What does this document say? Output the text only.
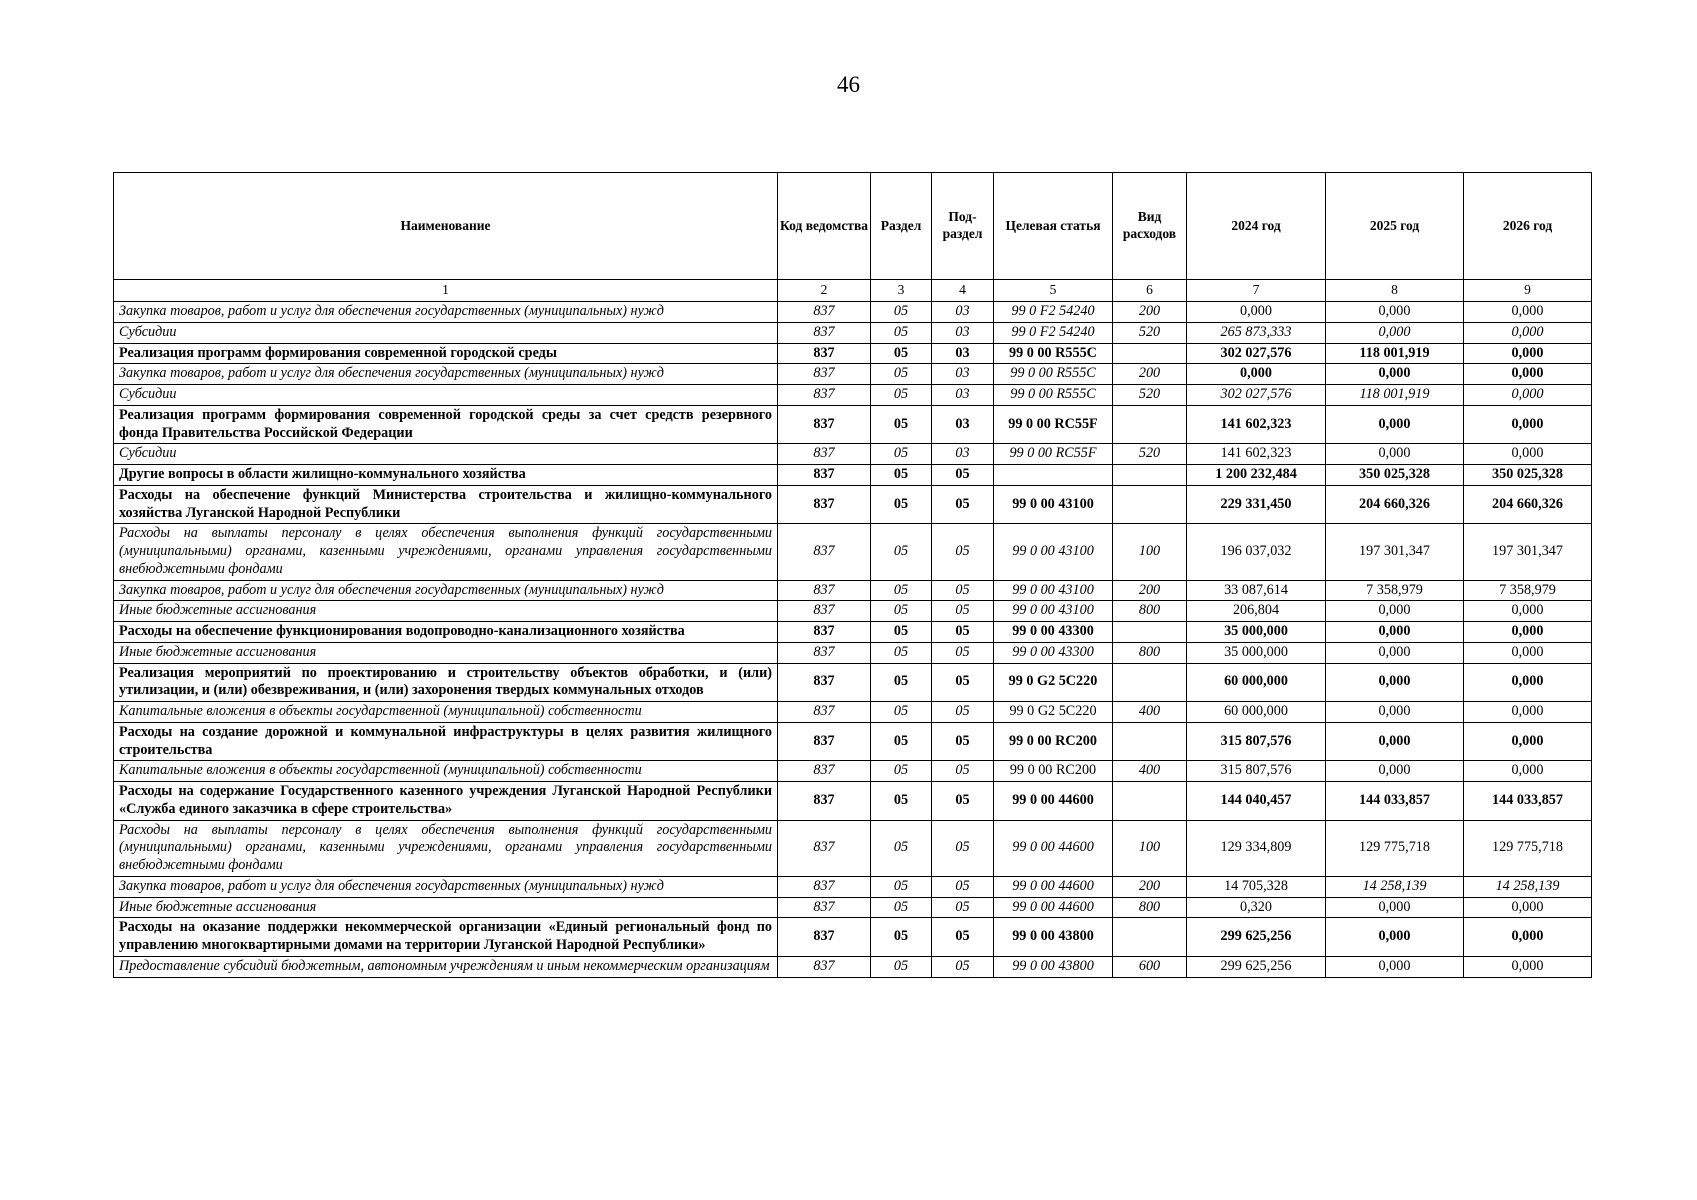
46
Наименование	Код ведомства	Раздел	Под-раздел	Целевая статья	Вид расходов	2024 год	2025 год	2026 год
1	2	3	4	5	6	7	8	9
Закупка товаров, работ и услуг для обеспечения государственных (муниципальных) нужд	837	05	03	99 0 F2 54240	200	0,000	0,000	0,000
Субсидии	837	05	03	99 0 F2 54240	520	265 873,333	0,000	0,000
Реализация программ формирования современной городской среды	837	05	03	99 0 00 R555C		302 027,576	118 001,919	0,000
Закупка товаров, работ и услуг для обеспечения государственных (муниципальных) нужд	837	05	03	99 0 00 R555C	200	0,000	0,000	0,000
Субсидии	837	05	03	99 0 00 R555C	520	302 027,576	118 001,919	0,000
Реализация программ формирования современной городской среды за счет средств резервного фонда Правительства Российской Федерации	837	05	03	99 0 00 RC55F		141 602,323	0,000	0,000
Субсидии	837	05	03	99 0 00 RC55F	520	141 602,323	0,000	0,000
Другие вопросы в области жилищно-коммунального хозяйства	837	05	05			1 200 232,484	350 025,328	350 025,328
Расходы на обеспечение функций Министерства строительства и жилищно-коммунального хозяйства Луганской Народной Республики	837	05	05	99 0 00 43100		229 331,450	204 660,326	204 660,326
Расходы на выплаты персоналу в целях обеспечения выполнения функций государственными (муниципальными) органами, казенными учреждениями, органами управления государственными внебюджетными фондами	837	05	05	99 0 00 43100	100	196 037,032	197 301,347	197 301,347
Закупка товаров, работ и услуг для обеспечения государственных (муниципальных) нужд	837	05	05	99 0 00 43100	200	33 087,614	7 358,979	7 358,979
Иные бюджетные ассигнования	837	05	05	99 0 00 43100	800	206,804	0,000	0,000
Расходы на обеспечение функционирования водопроводно-канализационного хозяйства	837	05	05	99 0 00 43300		35 000,000	0,000	0,000
Иные бюджетные ассигнования	837	05	05	99 0 00 43300	800	35 000,000	0,000	0,000
Реализация мероприятий по проектированию и строительству объектов обработки, и (или) утилизации, и (или) обезвреживания, и (или) захоронения твердых коммунальных отходов	837	05	05	99 0 G2 5C220		60 000,000	0,000	0,000
Капитальные вложения в объекты государственной (муниципальной) собственности	837	05	05	99 0 G2 5C220	400	60 000,000	0,000	0,000
Расходы на создание дорожной и коммунальной инфраструктуры в целях развития жилищного строительства	837	05	05	99 0 00 RC200		315 807,576	0,000	0,000
Капитальные вложения в объекты государственной (муниципальной) собственности	837	05	05	99 0 00 RC200	400	315 807,576	0,000	0,000
Расходы на содержание Государственного казенного учреждения Луганской Народной Республики «Служба единого заказчика в сфере строительства»	837	05	05	99 0 00 44600		144 040,457	144 033,857	144 033,857
Расходы на выплаты персоналу в целях обеспечения выполнения функций государственными (муниципальными) органами, казенными учреждениями, органами управления государственными внебюджетными фондами	837	05	05	99 0 00 44600	100	129 334,809	129 775,718	129 775,718
Закупка товаров, работ и услуг для обеспечения государственных (муниципальных) нужд	837	05	05	99 0 00 44600	200	14 705,328	14 258,139	14 258,139
Иные бюджетные ассигнования	837	05	05	99 0 00 44600	800	0,320	0,000	0,000
Расходы на оказание поддержки некоммерческой организации «Единый региональный фонд по управлению многоквартирными домами на территории Луганской Народной Республики»	837	05	05	99 0 00 43800		299 625,256	0,000	0,000
Предоставление субсидий бюджетным, автономным учреждениям и иным некоммерческим организациям	837	05	05	99 0 00 43800	600	299 625,256	0,000	0,000
